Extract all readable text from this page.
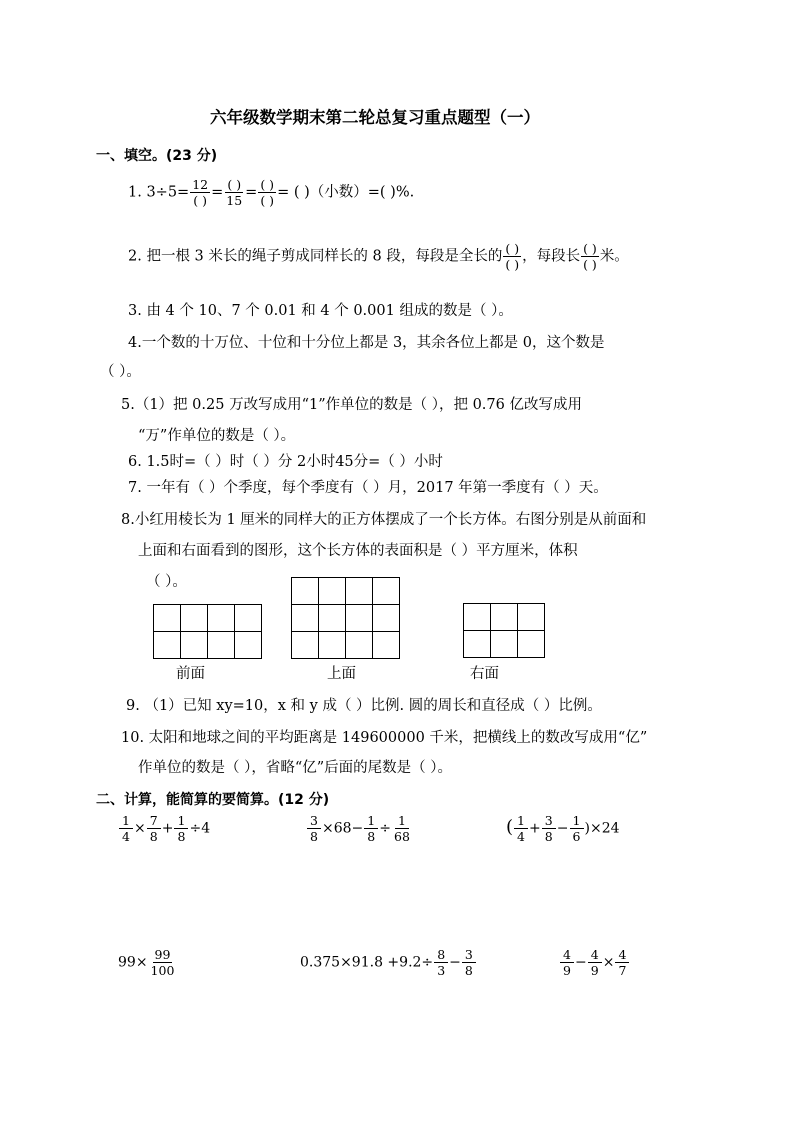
六年级数学期末第二轮总复习重点题型（一）
一、填空。(23 分)
1. $3\div 5= \frac{12}{( )} = \frac{( )}{15} = \frac{( )}{( )}$ = ( )（小数）=( )%.
2. 把一根 3 米长的绳子剪成同样长的 8 段，每段是全长的 $\frac{( )}{( )}$ ，每段长 $\frac{( )}{( )}$ 米。
3. 由 4 个 10、7 个 0.01 和 4 个 0.001 组成的数是（ ）。
4.一个数的十万位、十位和十分位上都是 3，其余各位上都是 0，这个数是
（ ）。
5.（1）把 0.25 万改写成用“1”作单位的数是（ ），把 0.76 亿改写成用
“万”作单位的数是（ ）。
6. 1.5时=（ ）时（ ）分 2小时45分=（ ）小时
7. 一年有（ ）个季度，每个季度有（ ）月，2017 年第一季度有（ ）天。
8.小红用棱长为 1 厘米的同样大的正方体摆成了一个长方体。右图分别是从前面和
上面和右面看到的图形，这个长方体的表面积是（ ）平方厘米，体积
（ ）。
前面	上面	右面
9. （1）已知 xy=10，x 和 y 成（ ）比例. 圆的周长和直径成（ ）比例。
10. 太阳和地球之间的平均距离是 149600000 千米，把横线上的数改写成用“亿”
作单位的数是（ ），省略“亿”后面的尾数是（ ）。
二、计算，能简算的要简算。(12 分)
$\frac{1}{4} \times \frac{7}{8} + \frac{1}{8} \div 4$	$\frac{3}{8} \times 68- \frac{1}{8} \div \frac{1}{68}$	( $\frac{1}{4} + \frac{3}{8} - \frac{1}{6} )\times 24$
$99\times \frac{99}{100}$	$0.375\times 91.8 +9.2\div \frac{8}{3} - \frac{3}{8}$	$\frac{4}{9} - \frac{4}{9} \times \frac{4}{7}$
